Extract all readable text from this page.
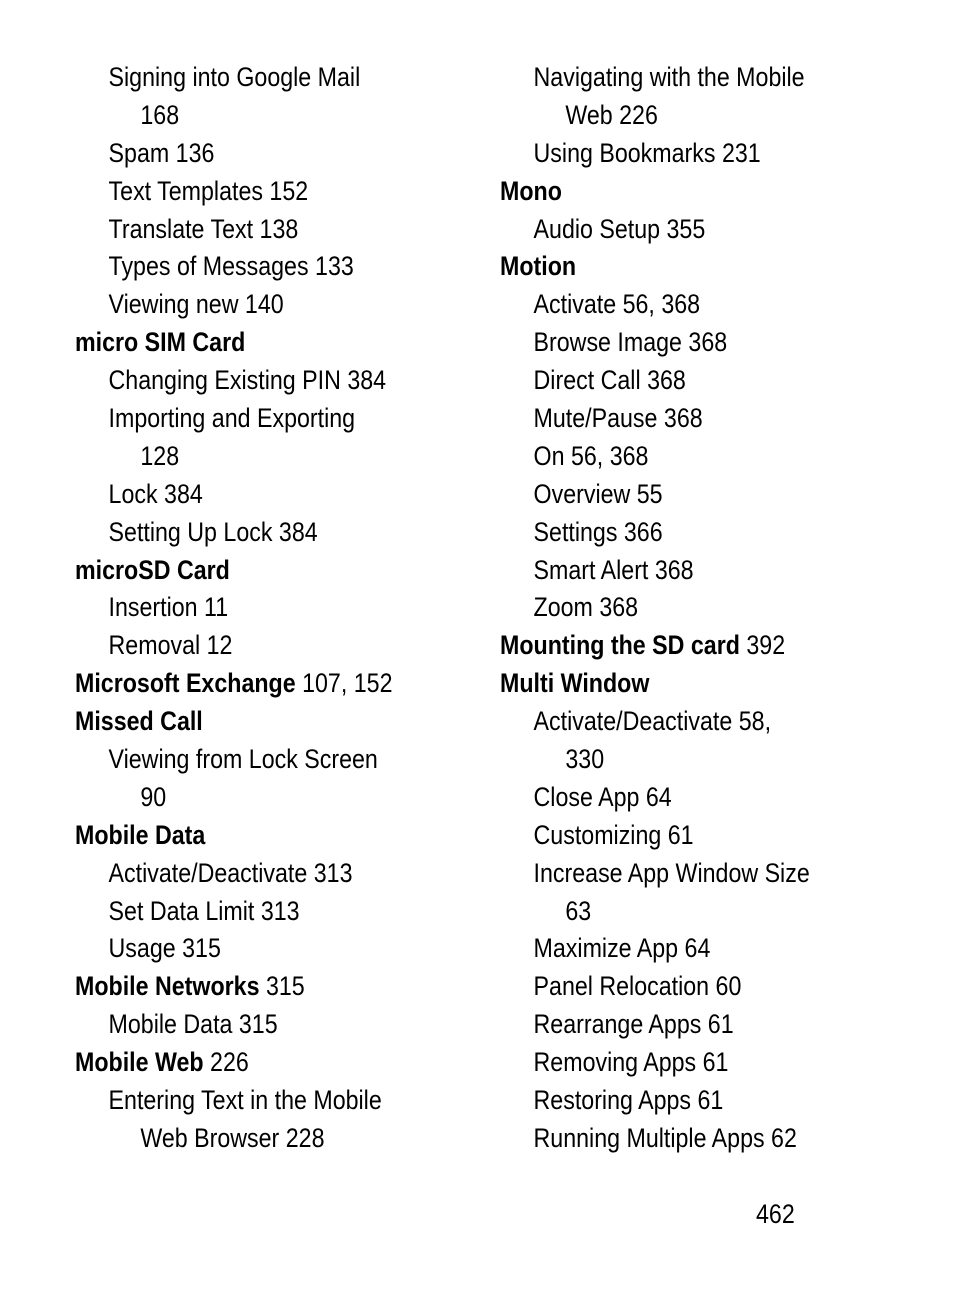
Signing into Google Mail
168
Spam 136
Text Templates 152
Translate Text 138
Types of Messages 133
Viewing new 140
micro SIM Card
Changing Existing PIN 384
Importing and Exporting
128
Lock 384
Setting Up Lock 384
microSD Card
Insertion 11
Removal 12
Microsoft Exchange 107, 152
Missed Call
Viewing from Lock Screen
90
Mobile Data
Activate/Deactivate 313
Set Data Limit 313
Usage 315
Mobile Networks 315
Mobile Data 315
Mobile Web 226
Entering Text in the Mobile
Web Browser 228
Navigating with the Mobile
Web 226
Using Bookmarks 231
Mono
Audio Setup 355
Motion
Activate 56, 368
Browse Image 368
Direct Call 368
Mute/Pause 368
On 56, 368
Overview 55
Settings 366
Smart Alert 368
Zoom 368
Mounting the SD card 392
Multi Window
Activate/Deactivate 58,
330
Close App 64
Customizing 61
Increase App Window Size
63
Maximize App 64
Panel Relocation 60
Rearrange Apps 61
Removing Apps 61
Restoring Apps 61
Running Multiple Apps 62
462
